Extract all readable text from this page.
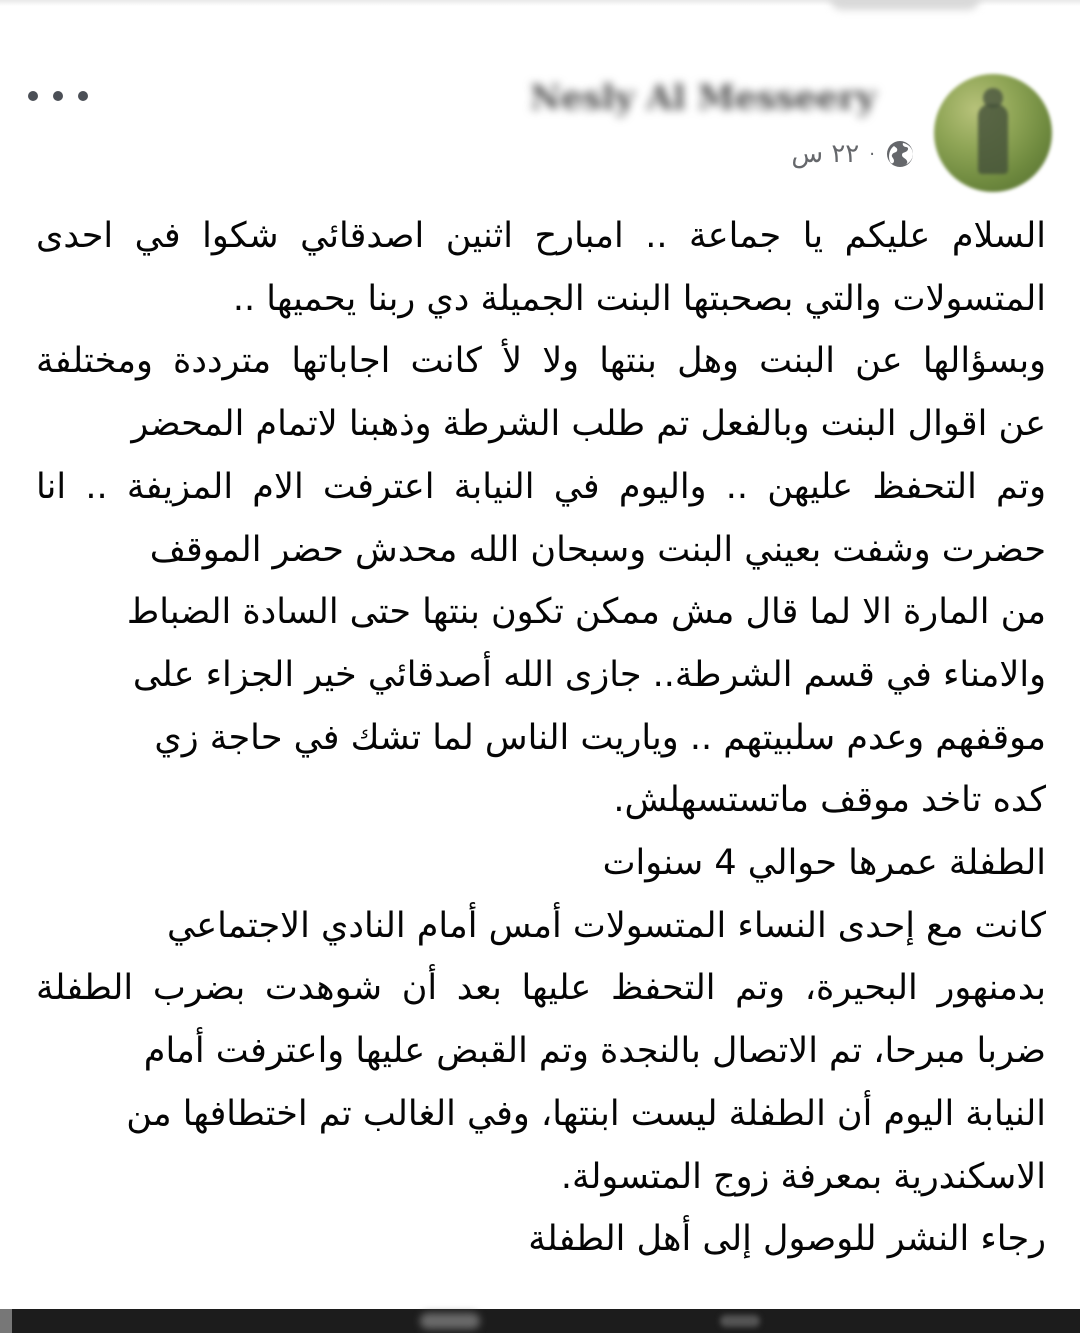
Nesly Al Messeery
٢٢ س ·
السلام عليكم يا جماعة .. امبارح اثنين اصدقائي شكوا في احدى
المتسولات والتي بصحبتها البنت الجميلة دي ربنا يحميها ..
وبسؤالها عن البنت وهل بنتها ولا لأ كانت اجاباتها مترددة ومختلفة
عن اقوال البنت وبالفعل تم طلب الشرطة وذهبنا لاتمام المحضر
وتم التحفظ عليهن .. واليوم في النيابة اعترفت الام المزيفة .. انا
حضرت وشفت بعيني البنت وسبحان الله محدش حضر الموقف
من المارة الا لما قال مش ممكن تكون بنتها حتى السادة الضباط
والامناء في قسم الشرطة.. جازى الله أصدقائي خير الجزاء على
موقفهم وعدم سلبيتهم .. وياريت الناس لما تشك في حاجة زي
كده تاخد موقف ماتستسهلش.
الطفلة عمرها حوالي 4 سنوات
كانت مع إحدى النساء المتسولات أمس أمام النادي الاجتماعي
بدمنهور البحيرة، وتم التحفظ عليها بعد أن شوهدت بضرب الطفلة
ضربا مبرحا، تم الاتصال بالنجدة وتم القبض عليها واعترفت أمام
النيابة اليوم أن الطفلة ليست ابنتها، وفي الغالب تم اختطافها من
الاسكندرية بمعرفة زوج المتسولة.
رجاء النشر للوصول إلى أهل الطفلة
